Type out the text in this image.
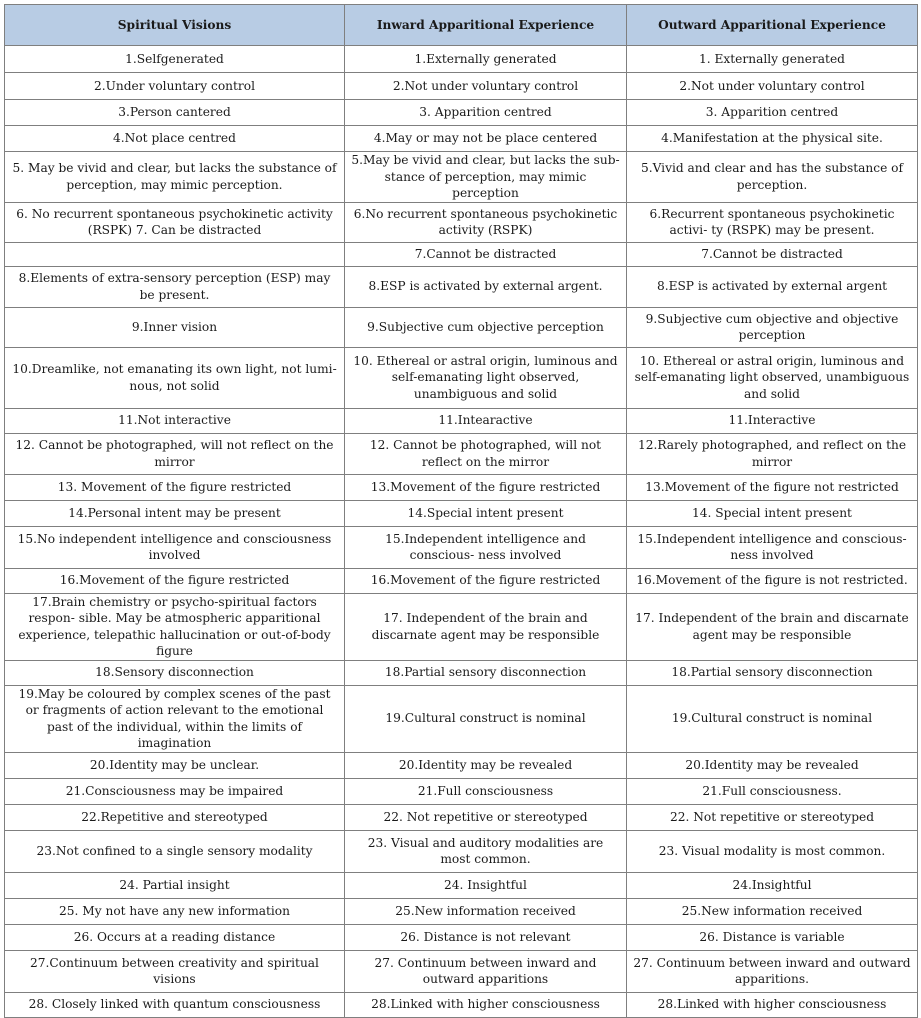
Spiritual Visions	Inward Apparitional Experience	Outward Apparitional Experience
1.Selfgenerated	1.Externally generated	1. Externally generated
2.Under voluntary control	2.Not under voluntary control	2.Not under voluntary control
3.Person cantered	3. Apparition centred	3. Apparition centred
4.Not place centred	4.May or may not be place centered	4.Manifestation at the physical site.
5. May be vivid and clear, but lacks the substance of perception, may mimic perception.	5.May be vivid and clear, but lacks the sub- stance of perception, may mimic perception	5.Vivid and clear and has the substance of perception.
6. No recurrent spontaneous psychokinetic activity (RSPK) 7. Can be distracted	6.No recurrent spontaneous psychokinetic activity (RSPK)	6.Recurrent spontaneous psychokinetic activi- ty (RSPK) may be present.
	7.Cannot be distracted	7.Cannot be distracted
8.Elements of extra-sensory perception (ESP) may be present.	8.ESP is activated by external argent.	8.ESP is activated by external argent
9.Inner vision	9.Subjective cum objective perception	9.Subjective cum objective and objective perception
10.Dreamlike, not emanating its own light, not lumi- nous, not solid	10. Ethereal or astral origin, luminous and self-emanating light observed, unambiguous and solid	10. Ethereal or astral origin, luminous and self-emanating light observed, unambiguous and solid
11.Not interactive	11.Intearactive	11.Interactive
12. Cannot be photographed, will not reflect on the mirror	12. Cannot be photographed, will not reflect on the mirror	12.Rarely photographed, and reflect on the mirror
13. Movement of the figure restricted	13.Movement of the figure restricted	13.Movement of the figure not restricted
14.Personal intent may be present	14.Special intent present	14. Special intent present
15.No independent intelligence and consciousness involved	15.Independent intelligence and conscious- ness involved	15.Independent intelligence and conscious- ness involved
16.Movement of the figure restricted	16.Movement of the figure restricted	16.Movement of the figure is not restricted.
17.Brain chemistry or psycho-spiritual factors respon- sible. May be atmospheric apparitional experience, telepathic hallucination or out-of-body figure	17. Independent of the brain and discarnate agent may be responsible	17. Independent of the brain and discarnate agent may be responsible
18.Sensory disconnection	18.Partial sensory disconnection	18.Partial sensory disconnection
19.May be coloured by complex scenes of the past or fragments of action relevant to the emotional past of the individual, within the limits of imagination	19.Cultural construct is nominal	19.Cultural construct is nominal
20.Identity may be unclear.	20.Identity may be revealed	20.Identity may be revealed
21.Consciousness may be impaired	21.Full consciousness	21.Full consciousness.
22.Repetitive and stereotyped	22. Not repetitive or stereotyped	22. Not repetitive or stereotyped
23.Not confined to a single sensory modality	23. Visual and auditory modalities are most common.	23. Visual modality is most common.
24. Partial insight	24. Insightful	24.Insightful
25. My not have any new information	25.New information received	25.New information received
26. Occurs at a reading distance	26. Distance is not relevant	26. Distance is variable
27.Continuum between creativity and spiritual visions	27. Continuum between inward and outward apparitions	27. Continuum between inward and outward apparitions.
28. Closely linked with quantum consciousness	28.Linked with higher consciousness	28.Linked with higher consciousness
